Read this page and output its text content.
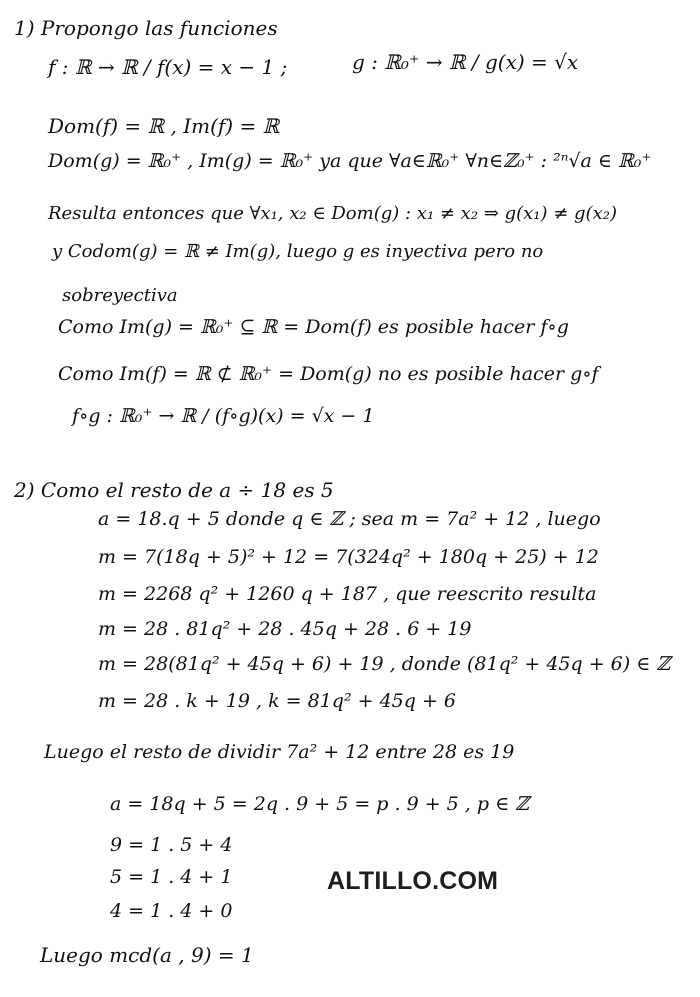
1) Propongo las funciones
f : ℝ → ℝ / f(x) = x − 1 ;	g : ℝ₀⁺ → ℝ / g(x) = √x
Dom(f) = ℝ , Im(f) = ℝ
Dom(g) = ℝ₀⁺ , Im(g) = ℝ₀⁺ ya que ∀a∈ℝ₀⁺ ∀n∈ℤ₀⁺ : ²ⁿ√a ∈ ℝ₀⁺
Resulta entonces que ∀x₁, x₂ ∈ Dom(g) : x₁ ≠ x₂ ⇒ g(x₁) ≠ g(x₂)
y Codom(g) = ℝ ≠ Im(g), luego g es inyectiva pero no
sobreyectiva
Como Im(g) = ℝ₀⁺ ⊆ ℝ = Dom(f) es posible hacer f∘g
Como Im(f) = ℝ ⊄ ℝ₀⁺ = Dom(g) no es posible hacer g∘f
f∘g : ℝ₀⁺ → ℝ / (f∘g)(x) = √x − 1
2) Como el resto de a ÷ 18 es 5
a = 18.q + 5 donde q ∈ ℤ ; sea m = 7a² + 12 , luego
m = 7(18q + 5)² + 12 = 7(324q² + 180q + 25) + 12
m = 2268 q² + 1260 q + 187 , que reescrito resulta
m = 28 . 81q² + 28 . 45q + 28 . 6 + 19
m = 28(81q² + 45q + 6) + 19 , donde (81q² + 45q + 6) ∈ ℤ
m = 28 . k + 19 , k = 81q² + 45q + 6
Luego el resto de dividir 7a² + 12 entre 28 es 19
a = 18q + 5 = 2q . 9 + 5 = p . 9 + 5 , p ∈ ℤ
9 = 1 . 5 + 4
5 = 1 . 4 + 1
4 = 1 . 4 + 0
Luego mcd(a , 9) = 1
ALTILLO.COM
